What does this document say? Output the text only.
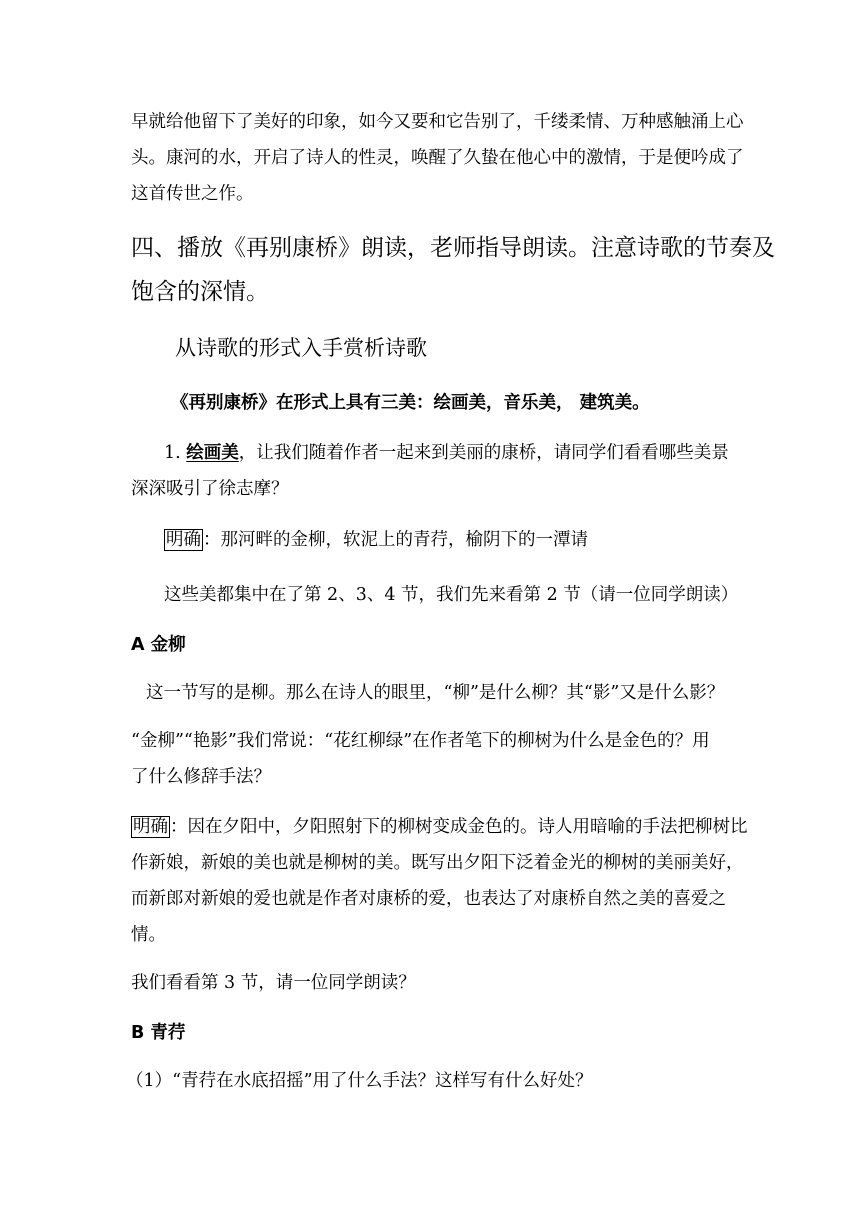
早就给他留下了美好的印象，如今又要和它告别了，千缕柔情、万种感触涌上心
头。康河的水，开启了诗人的性灵，唤醒了久蛰在他心中的激情，于是便吟成了
这首传世之作。
四、播放《再别康桥》朗读，老师指导朗读。注意诗歌的节奏及
饱含的深情。
从诗歌的形式入手赏析诗歌
《再别康桥》在形式上具有三美：绘画美，音乐美， 建筑美。
1. 绘画美，让我们随着作者一起来到美丽的康桥，请同学们看看哪些美景
深深吸引了徐志摩？
明确 ：那河畔的金柳，软泥上的青荇，榆阴下的一潭请
这些美都集中在了第 2、3、4 节，我们先来看第 2 节（请一位同学朗读）
A 金柳
这一节写的是柳。那么在诗人的眼里，“柳”是什么柳？其“影”又是什么影？
“金柳”“艳影”我们常说：“花红柳绿”在作者笔下的柳树为什么是金色的？用
了什么修辞手法？
明确 ：因在夕阳中，夕阳照射下的柳树变成金色的。诗人用暗喻的手法把柳树比
作新娘，新娘的美也就是柳树的美。既写出夕阳下泛着金光的柳树的美丽美好，
而新郎对新娘的爱也就是作者对康桥的爱，也表达了对康桥自然之美的喜爱之
情。
我们看看第 3 节，请一位同学朗读？
B 青荇
（1）“青荇在水底招摇”用了什么手法？这样写有什么好处？
